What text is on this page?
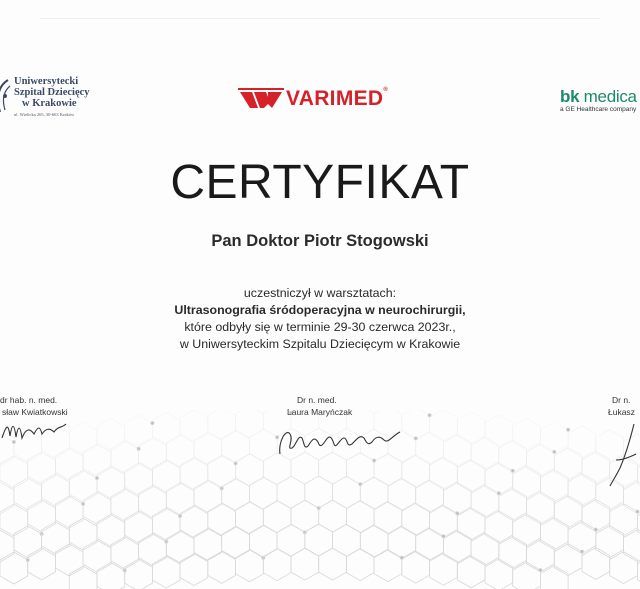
Uniwersytecki
Szpital Dziecięcy
w Krakowie
ul. Wielicka 265, 30-663 Kraków
VARIMED®	bk medica
a GE Healthcare company
CERTYFIKAT
Pan Doktor Piotr Stogowski
uczestniczył w warsztatach:
Ultrasonografia śródoperacyjna w neurochirurgii,
które odbyły się w terminie 29-30 czerwca 2023r.,
w Uniwersyteckim Szpitalu Dziecięcym w Krakowie
dr hab. n. med.
sław Kwiatkowski
Dr n. med.
Laura Maryńczak
Dr n.
Łukasz
